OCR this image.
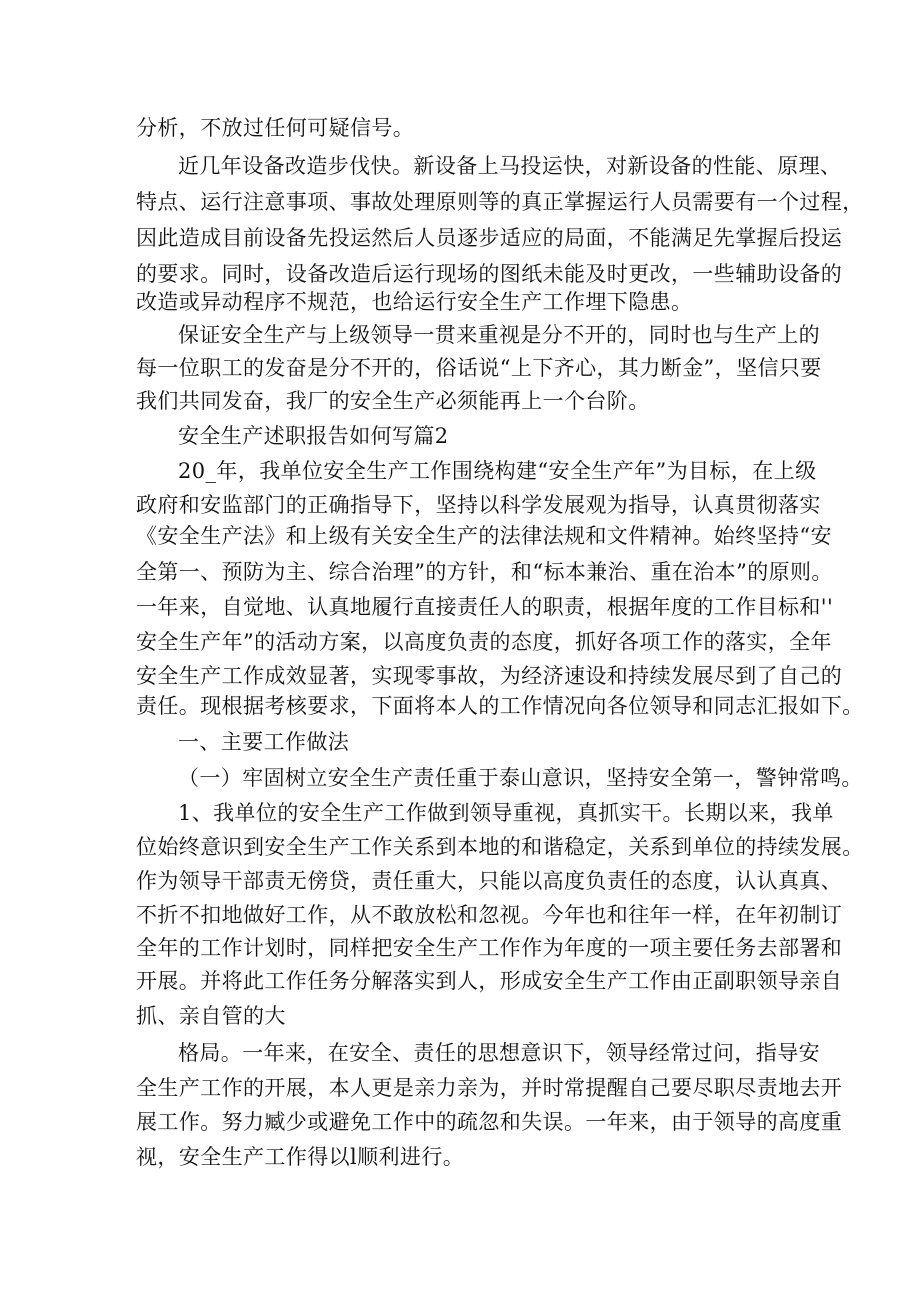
分析，不放过任何可疑信号。
近几年设备改造步伐快。新设备上马投运快，对新设备的性能、原理、
特点、运行注意事项、事故处理原则等的真正掌握运行人员需要有一个过程，
因此造成目前设备先投运然后人员逐步适应的局面，不能满足先掌握后投运
的要求。同时，设备改造后运行现场的图纸未能及时更改，一些辅助设备的
改造或异动程序不规范，也给运行安全生产工作埋下隐患。
保证安全生产与上级领导一贯来重视是分不开的，同时也与生产上的
每一位职工的发奋是分不开的，俗话说“上下齐心，其力断金”，坚信只要
我们共同发奋，我厂的安全生产必须能再上一个台阶。
安全生产述职报告如何写篇2
20_年，我单位安全生产工作围绕构建“安全生产年”为目标，在上级
政府和安监部门的正确指导下，坚持以科学发展观为指导，认真贯彻落实
《安全生产法》和上级有关安全生产的法律法规和文件精神。始终坚持“安
全第一、预防为主、综合治理”的方针，和“标本兼治、重在治本”的原则。
一年来，自觉地、认真地履行直接责任人的职责，根据年度的工作目标和''
安全生产年”的活动方案，以高度负责的态度，抓好各项工作的落实，全年
安全生产工作成效显著，实现零事故，为经济速设和持续发展尽到了自己的
责任。现根据考核要求，下面将本人的工作情况向各位领导和同志汇报如下。
一、主要工作做法
（一）牢固树立安全生产责任重于泰山意识，坚持安全第一，警钟常鸣。
1、我单位的安全生产工作做到领导重视，真抓实干。长期以来，我单
位始终意识到安全生产工作关系到本地的和谐稳定，关系到单位的持续发展。
作为领导干部责无傍贷，责任重大，只能以高度负责任的态度，认认真真、
不折不扣地做好工作，从不敢放松和忽视。今年也和往年一样，在年初制订
全年的工作计划时，同样把安全生产工作作为年度的一项主要任务去部署和
开展。并将此工作任务分解落实到人，形成安全生产工作由正副职领导亲自
抓、亲自管的大
格局。一年来，在安全、责任的思想意识下，领导经常过问，指导安
全生产工作的开展，本人更是亲力亲为，并时常提醒自己要尽职尽责地去开
展工作。努力臧少或避免工作中的疏忽和失误。一年来，由于领导的高度重
视，安全生产工作得以l顺利进行。
